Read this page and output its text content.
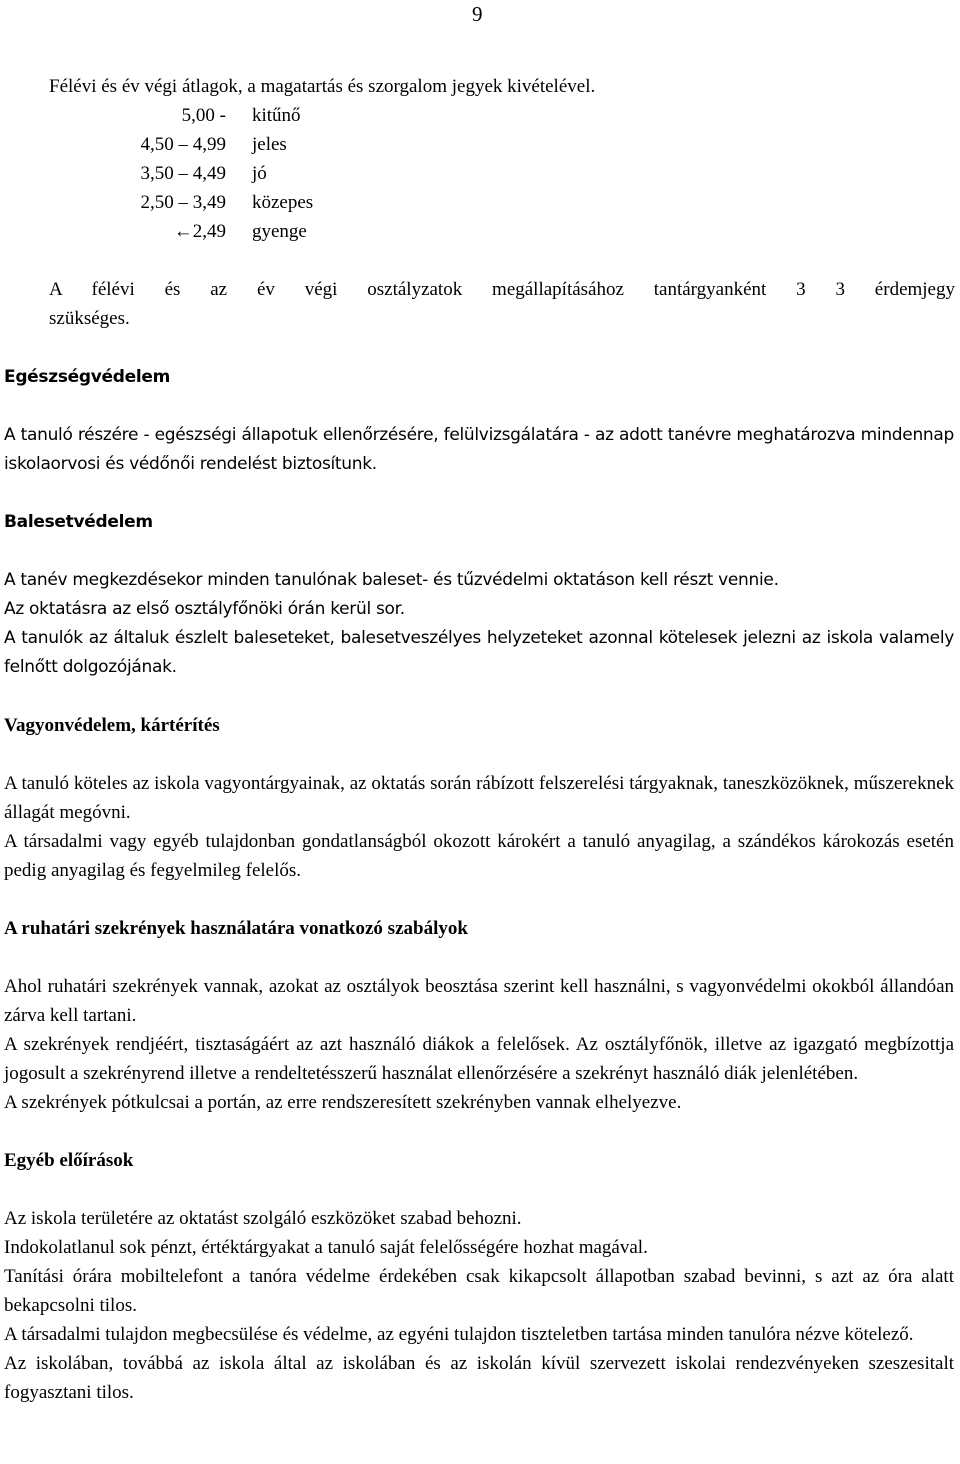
9
Félévi és év végi átlagok, a magatartás és szorgalom jegyek kivételével.
5,00 - kitűnő
4,50 – 4,99 jeles
3,50 – 4,49 jó
2,50 – 3,49 közepes
←2,49 gyenge
A félévi és az év végi osztályzatok megállapításához tantárgyanként 3 3 érdemjegy
szükséges.
Egészségvédelem

A tanuló részére - egészségi állapotuk ellenőrzésére, felülvizsgálatára - az adott tanévre meghatározva mindennap iskolaorvosi és védőnői rendelést biztosítunk.

Balesetvédelem

A tanév megkezdésekor minden tanulónak baleset- és tűzvédelmi oktatáson kell részt vennie.

Az oktatásra az első osztályfőnöki órán kerül sor.

A tanulók az általuk észlelt baleseteket, balesetveszélyes helyzeteket azonnal kötelesek jelezni az iskola valamely felnőtt dolgozójának.

Vagyonvédelem, kártérítés

A tanuló köteles az iskola vagyontárgyainak, az oktatás során rábízott felszerelési tárgyaknak, taneszközöknek, műszereknek állagát megóvni.

A társadalmi vagy egyéb tulajdonban gondatlanságból okozott károkért a tanuló anyagilag, a szándékos károkozás esetén pedig anyagilag és fegyelmileg felelős.

A ruhatári szekrények használatára vonatkozó szabályok

Ahol ruhatári szekrények vannak, azokat az osztályok beosztása szerint kell használni, s vagyonvédelmi okokból állandóan zárva kell tartani.

A szekrények rendjéért, tisztaságáért az azt használó diákok a felelősek. Az osztályfőnök, illetve az igazgató megbízottja jogosult a szekrényrend illetve a rendeltetésszerű használat ellenőrzésére a szekrényt használó diák jelenlétében.

A szekrények pótkulcsai a portán, az erre rendszeresített szekrényben vannak elhelyezve.

Egyéb előírások

Az iskola területére az oktatást szolgáló eszközöket szabad behozni.

Indokolatlanul sok pénzt, értéktárgyakat a tanuló saját felelősségére hozhat magával.

Tanítási órára mobiltelefont a tanóra védelme érdekében csak kikapcsolt állapotban szabad bevinni, s azt az óra alatt bekapcsolni tilos.

A társadalmi tulajdon megbecsülése és védelme, az egyéni tulajdon tiszteletben tartása minden tanulóra nézve kötelező.

Az iskolában, továbbá az iskola által az iskolában és az iskolán kívül szervezett iskolai rendezvényeken szeszesitalt fogyasztani tilos.
